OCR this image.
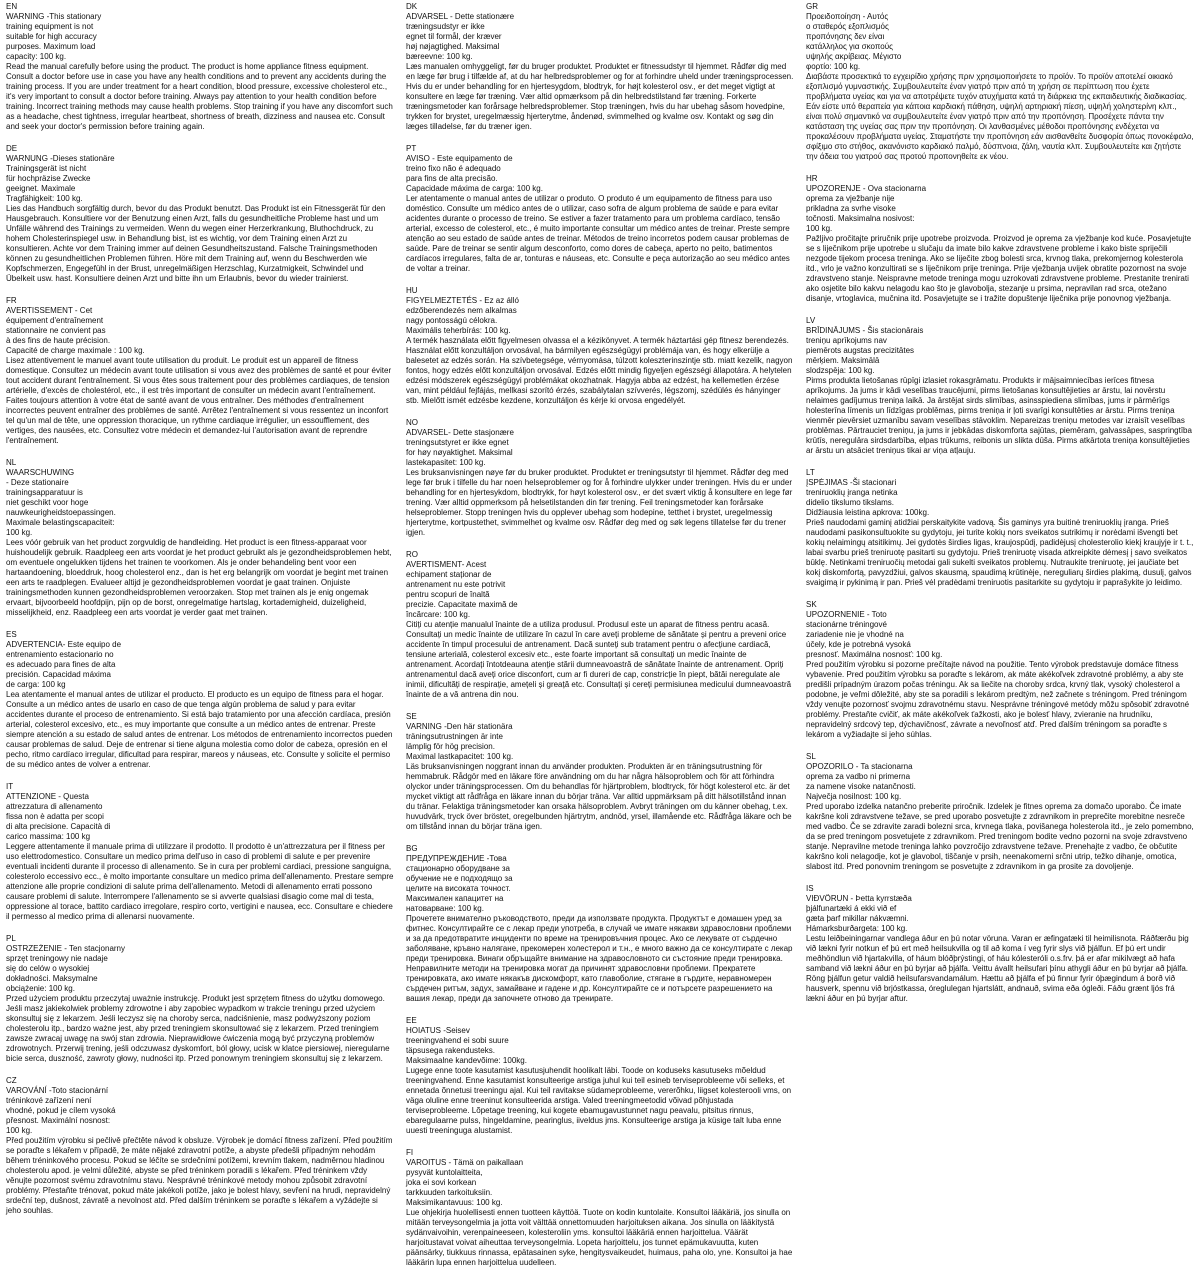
EN
WARNING -This stationary
training equipment is not
suitable for high accuracy
purposes. Maximum load
capacity: 100 kg.
Read the manual carefully before using the product. The product is home appliance fitness equipment. Consult a doctor before use in case you have any health conditions and to prevent any accidents during the training process. If you are under treatment for a heart condition, blood pressure, excessive cholesterol etc., it's very important to consult a doctor before training. Always pay attention to your health condition before training. Incorrect training methods may cause health problems. Stop training if you have any discomfort such as a headache, chest tightness, irregular heartbeat, shortness of breath, dizziness and nausea etc. Consult and seek your doctor's permission before training again.
DE
WARNUNG -Dieses stationäre
Trainingsgerät ist nicht
für hochpräzise Zwecke
geeignet. Maximale
Tragfähigkeit: 100 kg.
Lies das Handbuch sorgfältig durch, bevor du das Produkt benutzt. Das Produkt ist ein Fitnessgerät für den Hausgebrauch. Konsultiere vor der Benutzung einen Arzt, falls du gesundheitliche Probleme hast und um Unfälle während des Trainings zu vermeiden. Wenn du wegen einer Herzerkrankung, Bluthochdruck, zu hohem Cholesterinspiegel usw. in Behandlung bist, ist es wichtig, vor dem Training einen Arzt zu konsultieren. Achte vor dem Training immer auf deinen Gesundheitszustand. Falsche Trainingsmethoden können zu gesundheitlichen Problemen führen. Höre mit dem Training auf, wenn du Beschwerden wie Kopfschmerzen, Engegefühl in der Brust, unregelmäßigen Herzschlag, Kurzatmigkeit, Schwindel und Übelkeit usw. hast. Konsultiere deinen Arzt und bitte ihn um Erlaubnis, bevor du wieder trainierst.
FR
AVERTISSEMENT - Cet
équipement d'entraînement
stationnaire ne convient pas
à des fins de haute précision.
Capacité de charge maximale : 100 kg.
Lisez attentivement le manuel avant toute utilisation du produit. Le produit est un appareil de fitness domestique. Consultez un médecin avant toute utilisation si vous avez des problèmes de santé et pour éviter tout accident durant l'entraînement. Si vous êtes sous traitement pour des problèmes cardiaques, de tension artérielle, d'excès de cholestérol, etc., il est très important de consulter un médecin avant l'entraînement. Faites toujours attention à votre état de santé avant de vous entraîner. Des méthodes d'entraînement incorrectes peuvent entraîner des problèmes de santé. Arrêtez l'entraînement si vous ressentez un inconfort tel qu'un mal de tête, une oppression thoracique, un rythme cardiaque irrégulier, un essoufflement, des vertiges, des nausées, etc. Consultez votre médecin et demandez-lui l'autorisation avant de reprendre l'entraînement.
NL
WAARSCHUWING
- Deze stationaire
trainingsapparatuur is
niet geschikt voor hoge
nauwkeurigheidstoepassingen.
Maximale belastingscapaciteit:
100 kg.
Lees vóór gebruik van het product zorgvuldig de handleiding. Het product is een fitness-apparaat voor huishoudelijk gebruik. Raadpleeg een arts voordat je het product gebruikt als je gezondheidsproblemen hebt, om eventuele ongelukken tijdens het trainen te voorkomen. Als je onder behandeling bent voor een hartaandoening, bloeddruk, hoog cholesterol enz., dan is het erg belangrijk om voordat je begint met trainen een arts te raadplegen. Evalueer altijd je gezondheidsproblemen voordat je gaat trainen. Onjuiste trainingsmethoden kunnen gezondheidsproblemen veroorzaken. Stop met trainen als je enig ongemak ervaart, bijvoorbeeld hoofdpijn, pijn op de borst, onregelmatige hartslag, kortademigheid, duizeligheid, misselijkheid, enz. Raadpleeg een arts voordat je verder gaat met trainen.
ES
ADVERTENCIA- Este equipo de
entrenamiento estacionario no
es adecuado para fines de alta
precisión. Capacidad máxima
de carga: 100 kg
Lea atentamente el manual antes de utilizar el producto. El producto es un equipo de fitness para el hogar. Consulte a un médico antes de usarlo en caso de que tenga algún problema de salud y para evitar accidentes durante el proceso de entrenamiento. Si está bajo tratamiento por una afección cardíaca, presión arterial, colesterol excesivo, etc., es muy importante que consulte a un médico antes de entrenar. Preste siempre atención a su estado de salud antes de entrenar. Los métodos de entrenamiento incorrectos pueden causar problemas de salud. Deje de entrenar si tiene alguna molestia como dolor de cabeza, opresión en el pecho, ritmo cardíaco irregular, dificultad para respirar, mareos y náuseas, etc. Consulte y solicite el permiso de su médico antes de volver a entrenar.
IT
ATTENZIONE - Questa
attrezzatura di allenamento
fissa non è adatta per scopi
di alta precisione. Capacità di
carico massima: 100 kg
Leggere attentamente il manuale prima di utilizzare il prodotto. Il prodotto è un'attrezzatura per il fitness per uso elettrodomestico. Consultare un medico prima dell'uso in caso di problemi di salute e per prevenire eventuali incidenti durante il processo di allenamento. Se in cura per problemi cardiaci, pressione sanguigna, colesterolo eccessivo ecc., è molto importante consultare un medico prima dell'allenamento. Prestare sempre attenzione alle proprie condizioni di salute prima dell'allenamento. Metodi di allenamento errati possono causare problemi di salute. Interrompere l'allenamento se si avverte qualsiasi disagio come mal di testa, oppressione al torace, battito cardiaco irregolare, respiro corto, vertigini e nausea, ecc. Consultare e chiedere il permesso al medico prima di allenarsi nuovamente.
PL
OSTRZEŻENIE - Ten stacjonarny
sprzęt treningowy nie nadaje
się do celów o wysokiej
dokładności. Maksymalne
obciążenie: 100 kg.
Przed użyciem produktu przeczytaj uważnie instrukcję. Produkt jest sprzętem fitness do użytku domowego. Jeśli masz jakiekolwiek problemy zdrowotne i aby zapobiec wypadkom w trakcie treningu przed użyciem skonsultuj się z lekarzem. Jeśli leczysz się na choroby serca, nadciśnienie, masz podwyższony poziom cholesterolu itp., bardzo ważne jest, aby przed treningiem skonsultować się z lekarzem. Przed treningiem zawsze zwracaj uwagę na swój stan zdrowia. Nieprawidłowe ćwiczenia mogą być przyczyną problemów zdrowotnych. Przerwij trening, jeśli odczuwasz dyskomfort, ból głowy, ucisk w klatce piersiowej, nieregularne bicie serca, duszność, zawroty głowy, nudności itp. Przed ponownym treningiem skonsultuj się z lekarzem.
CZ
VAROVÁNÍ -Toto stacionární
tréninkové zařízení není
vhodné, pokud je cílem vysoká
přesnost. Maximální nosnost:
100 kg.
Před použitím výrobku si pečlivě přečtěte návod k obsluze. Výrobek je domácí fitness zařízení. Před použitím se poraďte s lékařem v případě, že máte nějaké zdravotní potíže, a abyste předešli případným nehodám během tréninkového procesu. Pokud se léčíte se srdečními potížemi, krevním tlakem, nadměrnou hladinou cholesterolu apod. je velmi důležité, abyste se před tréninkem poradili s lékařem. Před tréninkem vždy věnujte pozornost svému zdravotnímu stavu. Nesprávné tréninkové metody mohou způsobit zdravotní problémy. Přestaňte trénovat, pokud máte jakékoli potíže, jako je bolest hlavy, sevření na hrudi, nepravidelný srdeční tep, dušnost, závratě a nevolnost atd. Před dalším tréninkem se poraďte s lékařem a vyžádejte si jeho souhlas.
DK
ADVARSEL - Dette stationære
træningsudstyr er ikke
egnet til formål, der kræver
høj nøjagtighed. Maksimal
bæreevne: 100 kg.
Læs manualen omhyggeligt, før du bruger produktet. Produktet er fitnessudstyr til hjemmet. Rådfør dig med en læge før brug i tilfælde af, at du har helbredsproblemer og for at forhindre uheld under træningsprocessen. Hvis du er under behandling for en hjertesygdom, blodtryk, for højt kolesterol osv., er det meget vigtigt at konsultere en læge før træning. Vær altid opmærksom på din helbredstilstand før træning. Forkerte træningsmetoder kan forårsage helbredsproblemer. Stop træningen, hvis du har ubehag såsom hovedpine, trykken for brystet, uregelmæssig hjerterytme, åndenød, svimmelhed og kvalme osv. Kontakt og søg din læges tilladelse, før du træner igen.
PT
AVISO - Este equipamento de
treino fixo não é adequado
para fins de alta precisão.
Capacidade máxima de carga: 100 kg.
Ler atentamente o manual antes de utilizar o produto. O produto é um equipamento de fitness para uso doméstico. Consulte um médico antes de o utilizar, caso sofra de algum problema de saúde e para evitar acidentes durante o processo de treino. Se estiver a fazer tratamento para um problema cardíaco, tensão arterial, excesso de colesterol, etc., é muito importante consultar um médico antes de treinar. Preste sempre atenção ao seu estado de saúde antes de treinar. Métodos de treino incorretos podem causar problemas de saúde. Pare de treinar se sentir algum desconforto, como dores de cabeça, aperto no peito, batimentos cardíacos irregulares, falta de ar, tonturas e náuseas, etc. Consulte e peça autorização ao seu médico antes de voltar a treinar.
HU
FIGYELMEZTETÉS - Ez az álló
edzőberendezés nem alkalmas
nagy pontosságú célokra.
Maximális teherbírás: 100 kg.
A termék használata előtt figyelmesen olvassa el a kézikönyvet. A termék háztartási gép fitnesz berendezés. Használat előtt konzultáljon orvosával, ha bármilyen egészségügyi problémája van, és hogy elkerülje a balesetet az edzés során. Ha szívbetegsége, vérnyomása, túlzott koleszterinszintje stb. miatt kezelik, nagyon fontos, hogy edzés előtt konzultáljon orvosával. Edzés előtt mindig figyeljen egészségi állapotára. A helytelen edzési módszerek egészségügyi problémákat okozhatnak. Hagyja abba az edzést, ha kellemetlen érzése van, mint például fejfájás, mellkasi szorító érzés, szabálytalan szívverés, légszomj, szédülés és hányinger stb. Mielőtt ismét edzésbe kezdene, konzultáljon és kérje ki orvosa engedélyét.
NO
ADVARSEL- Dette stasjonære
treningsutstyret er ikke egnet
for høy nøyaktighet. Maksimal
lastekapasitet: 100 kg.
Les bruksanvisningen nøye før du bruker produktet. Produktet er treningsutstyr til hjemmet. Rådfør deg med lege før bruk i tilfelle du har noen helseproblemer og for å forhindre ulykker under treningen. Hvis du er under behandling for en hjertesykdom, blodtrykk, for høyt kolesterol osv., er det svært viktig å konsultere en lege før trening. Vær alltid oppmerksom på helsetilstanden din før trening. Feil treningsmetoder kan forårsake helseproblemer. Stopp treningen hvis du opplever ubehag som hodepine, tetthet i brystet, uregelmessig hjerterytme, kortpustethet, svimmelhet og kvalme osv. Rådfør deg med og søk legens tillatelse før du trener igjen.
RO
AVERTISMENT- Acest
echipament staționar de
antrenament nu este potrivit
pentru scopuri de înaltă
precizie. Capacitate maximă de
încărcare: 100 kg.
Citiți cu atenție manualul înainte de a utiliza produsul. Produsul este un aparat de fitness pentru acasă. Consultați un medic înainte de utilizare în cazul în care aveți probleme de sănătate și pentru a preveni orice accidente în timpul procesului de antrenament. Dacă sunteți sub tratament pentru o afecțiune cardiacă, tensiune arterială, colesterol excesiv etc., este foarte important să consultați un medic înainte de antrenament. Acordați întotdeauna atenție stării dumneavoastră de sănătate înainte de antrenament. Opriți antrenamentul dacă aveți orice disconfort, cum ar fi dureri de cap, constricție în piept, bătăi neregulate ale inimii, dificultăți de respirație, amețeli și greață etc. Consultați și cereți permisiunea medicului dumneavoastră înainte de a vă antrena din nou.
SE
VARNING -Den här stationära
träningsutrustningen är inte
lämplig för hög precision.
Maximal lastkapacitet: 100 kg.
Läs bruksanvisningen noggrant innan du använder produkten. Produkten är en träningsutrustning för hemmabruk. Rådgör med en läkare före användning om du har några hälsoproblem och för att förhindra olyckor under träningsprocessen. Om du behandlas för hjärtproblem, blodtryck, för högt kolesterol etc. är det mycket viktigt att rådfråga en läkare innan du börjar träna. Var alltid uppmärksam på ditt hälsotillstånd innan du tränar. Felaktiga träningsmetoder kan orsaka hälsoproblem. Avbryt träningen om du känner obehag, t.ex. huvudvärk, tryck över bröstet, oregelbunden hjärtrytm, andnöd, yrsel, illamående etc. Rådfråga läkare och be om tillstånd innan du börjar träna igen.
BG
ПРЕДУПРЕЖДЕНИЕ -Това
стационарно оборудване за
обучение не е подходящо за
целите на високата точност.
Максимален капацитет на
натоварване: 100 kg.
Прочетете внимателно ръководството, преди да използвате продукта. Продуктът е домашен уред за фитнес. Консултирайте се с лекар преди употреба, в случай че имате някакви здравословни проблеми и за да предотвратите инциденти по време на тренировъчния процес. Ако се лекувате от сърдечно заболяване, кръвно налягане, прекомерен холестерол и т.н., е много важно да се консултирате с лекар преди тренировка. Винаги обръщайте внимание на здравословното си състояние преди тренировка. Неправилните методи на тренировка могат да причинят здравословни проблеми. Прекратете тренировката, ако имате някакъв дискомфорт, като главоболие, стягане в гърдите, неравномерен сърдечен ритъм, задух, замайване и гадене и др. Консултирайте се и потърсете разрешението на вашия лекар, преди да започнете отново да тренирате.
EE
HOIATUS -Seisev
treeningvahend ei sobi suure
täpsusega rakendusteks.
Maksimaalne kandevõime: 100kg.
Lugege enne toote kasutamist kasutusjuhendit hoolikalt läbi. Toode on koduseks kasutuseks mõeldud treeningvahend. Enne kasutamist konsulteerige arstiga juhul kui teil esineb terviseprobleeme või selleks, et ennetada õnnetusi treeningu ajal. Kui teil ravitakse südameprobleeme, vererõhku, liigset kolesterooli vms, on väga oluline enne treeninut konsulteerida arstiga. Valed treeningmeetodid võivad põhjustada terviseprobleeme. Lõpetage treening, kui kogete ebamugavustunnet nagu peavalu, pitsitus rinnus, ebaregulaarne pulss, hingeldamine, pearinglus, iiveldus jms. Konsulteerige arstiga ja küsige talt luba enne uuesti treeninguga alustamist.
FI
VAROITUS - Tämä on paikallaan
pysyvät kuntolaitteita,
joka ei sovi korkean
tarkkuuden tarkoituksiin.
Maksimikantavuus: 100 kg.
Lue ohjekirja huolellisesti ennen tuotteen käyttöä. Tuote on kodin kuntolaite. Konsultoi lääkäriä, jos sinulla on mitään terveysongelmia ja jotta voit välttää onnettomuuden harjoituksen aikana. Jos sinulla on lääkitystä sydänvaivoihin, verenpaineeseen, kolesteroliin yms. konsultoi lääkäriä ennen harjoittelua. Väärät harjoitustavat voivat aiheuttaa terveysongelmia. Lopeta harjoittelu, jos tunnet epämukavuutta, kuten päänsärky, tiukkuus rinnassa, epätasainen syke, hengitysvaikeudet, huimaus, paha olo, yne. Konsultoi ja hae lääkärin lupa ennen harjoittelua uudelleen.
GR
Προειδοποίηση - Αυτός
ο σταθερός εξοπλισμός
προπόνησης δεν είναι
κατάλληλος για σκοπούς
υψηλής ακρίβειας. Μέγιστο
φορτίο: 100 kg.
Διαβάστε προσεκτικά το εγχειρίδιο χρήσης πριν χρησιμοποιήσετε το προϊόν. Το προϊόν αποτελεί οικιακό εξοπλισμό γυμναστικής. Συμβουλευτείτε έναν γιατρό πριν από τη χρήση σε περίπτωση που έχετε προβλήματα υγείας και για να αποτρέψετε τυχόν ατυχήματα κατά τη διάρκεια της εκπαιδευτικής διαδικασίας. Εάν είστε υπό θεραπεία για κάποια καρδιακή πάθηση, υψηλή αρτηριακή πίεση, υψηλή χοληστερίνη κλπ., είναι πολύ σημαντικό να συμβουλευτείτε έναν γιατρό πριν από την προπόνηση. Προσέχετε πάντα την κατάσταση της υγείας σας πριν την προπόνηση. Οι λανθασμένες μέθοδοι προπόνησης ενδέχεται να προκαλέσουν προβλήματα υγείας. Σταματήστε την προπόνηση εάν αισθανθείτε δυσφορία όπως πονοκέφαλο, σφίξιμο στο στήθος, ακανόνιστο καρδιακό παλμό, δύσπνοια, ζάλη, ναυτία κλπ. Συμβουλευτείτε και ζητήστε την άδεια του γιατρού σας προτού προπονηθείτε εκ νέου.
HR
UPOZORENJE - Ova stacionarna
oprema za vježbanje nije
prikladna za svrhe visoke
točnosti. Maksimalna nosivost:
100 kg.
Pažljivo pročitajte priručnik prije upotrebe proizvoda. Proizvod je oprema za vježbanje kod kuće. Posavjetujte se s liječnikom prije upotrebe u slučaju da imate bilo kakve zdravstvene probleme i kako biste spriječili nezgode tijekom procesa treninga. Ako se liječite zbog bolesti srca, krvnog tlaka, prekomjernog kolesterola itd., vrlo je važno konzultirati se s liječnikom prije treninga. Prije vježbanja uvijek obratite pozornost na svoje zdravstveno stanje. Neispravne metode treninga mogu uzrokovati zdravstvene probleme. Prestanite trenirati ako osjetite bilo kakvu nelagodu kao što je glavobolja, stezanje u prsima, nepravilan rad srca, otežano disanje, vrtoglavica, mučnina itd. Posavjetujte se i tražite dopuštenje liječnika prije ponovnog vježbanja.
LV
BRĪDINĀJUMS - Šis stacionārais
treniņu aprīkojums nav
piemērots augstas precizitātes
mērķiem. Maksimālā
slodzspēja: 100 kg.
Pirms produkta lietošanas rūpīgi izlasiet rokasgrāmatu. Produkts ir mājsaimniecības ierīces fitnesa aprīkojums. Ja jums ir kādi veselības traucējumi, pirms lietošanas konsultējieties ar ārstu, lai novērstu nelaimes gadījumus treniņa laikā. Ja ārstējat sirds slimības, asinsspiediena slimības, jums ir pārmērīgs holesterīna līmenis un līdzīgas problēmas, pirms treniņa ir ļoti svarīgi konsultēties ar ārstu. Pirms treniņa vienmēr pievērsiet uzmanību savam veselības stāvoklim. Nepareizas treniņu metodes var izraisīt veselības problēmas. Pārtrauciet treniņu, ja jums ir jebkādas diskomforta sajūtas, piemēram, galvassāpes, saspringtība krūtīs, neregulāra sirdsdarbība, elpas trūkums, reibonis un slikta dūša. Pirms atkārtota treniņa konsultējieties ar ārstu un atsāciet treniņus tikai ar viņa atļauju.
LT
ĮSPĖJIMAS -Ši stacionari
treniruoklių įranga netinka
didelio tikslumo tikslams.
Didžiausia leistina apkrova: 100kg.
Prieš naudodami gaminį atidžiai perskaitykite vadovą. Šis gaminys yra buitinė treniruoklių įranga. Prieš naudodami pasikonsultuokite su gydytoju, jei turite kokių nors sveikatos sutrikimų ir norėdami išvengti bet kokių nelaimingų atsitikimų. Jei gydotės širdies ligas, kraujospūdį, padidėjusį cholesterolio kiekį kraujyje ir t. t., labai svarbu prieš treniruotę pasitarti su gydytoju. Prieš treniruotę visada atkreipkite dėmesį į savo sveikatos būklę. Netinkami treniruočių metodai gali sukelti sveikatos problemų. Nutraukite treniruotę, jei jaučiate bet kokį diskomfortą, pavyzdžiui, galvos skausmą, spaudimą krūtinėje, nereguliarų širdies plakimą, dusulį, galvos svaigimą ir pykinimą ir pan. Prieš vėl pradėdami treniruotis pasitarkite su gydytoju ir paprašykite jo leidimo.
SK
UPOZORNENIE - Toto
stacionárne tréningové
zariadenie nie je vhodné na
účely, kde je potrebná vysoká
presnosť. Maximálna nosnosť: 100 kg.
Pred použitím výrobku si pozorne prečítajte návod na použitie. Tento výrobok predstavuje domáce fitness vybavenie. Pred použitím výrobku sa poraďte s lekárom, ak máte akékoľvek zdravotné problémy, a aby ste predišli prípadným úrazom počas tréningu. Ak sa liečite na choroby srdca, krvný tlak, vysoký cholesterol a podobne, je veľmi dôležité, aby ste sa poradili s lekárom predtým, než začnete s tréningom. Pred tréningom vždy venujte pozornosť svojmu zdravotnému stavu. Nesprávne tréningové metódy môžu spôsobiť zdravotné problémy. Prestaňte cvičiť, ak máte akékoľvek ťažkosti, ako je bolesť hlavy, zvieranie na hrudníku, nepravidelný srdcový tep, dýchavičnosť, závrate a nevoľnosť atď. Pred ďalším tréningom sa poraďte s lekárom a vyžiadajte si jeho súhlas.
SL
OPOZORILO - Ta stacionarna
oprema za vadbo ni primerna
za namene visoke natančnosti.
Največja nosilnost: 100 kg.
Pred uporabo izdelka natančno preberite priročnik. Izdelek je fitnes oprema za domačo uporabo. Če imate kakršne koli zdravstvene težave, se pred uporabo posvetujte z zdravnikom in preprečite morebitne nesreče med vadbo. Če se zdravite zaradi bolezni srca, krvnega tlaka, povišanega holesterola itd., je zelo pomembno, da se pred treningom posvetujete z zdravnikom. Pred treningom bodite vedno pozorni na svoje zdravstveno stanje. Nepravilne metode treninga lahko povzročijo zdravstvene težave. Prenehajte z vadbo, če občutite kakršno koli nelagodje, kot je glavobol, tiščanje v prsih, neenakomerni srčni utrip, težko dihanje, omotica, slabost itd. Pred ponovnim treningom se posvetujte z zdravnikom in ga prosite za dovoljenje.
IS
VIÐVÖRUN - Þetta kyrrstæða
þjálfunartæki á ekki við ef
gæta þarf mikillar nákvæmni.
Hámarksburðargeta: 100 kg.
Lestu leiðbeiningarnar vandlega áður en þú notar vöruna. Varan er æfingatæki til heimilisnota. Ráðfærðu þig við lækni fyrir notkun ef þú ert með heilsukvilla og til að koma í veg fyrir slys við þjálfun. Ef þú ert undir meðhöndlun við hjartakvilla, of háum blóðþrýstingi, of háu kólesteróli o.s.frv. þá er afar mikilvægt að hafa samband við lækni áður en þú byrjar að þjálfa. Veittu ávallt heilsufari þínu athygli áður en þú byrjar að þjálfa. Röng þjálfun getur valdið heilsufarsvandamálum. Hættu að þjálfa ef þú finnur fyrir óþægindum á borð við hausverk, spennu við brjóstkassa, óreglulegan hjartslátt, andnauð, svima eða ógleði. Fáðu grænt ljós frá lækni áður en þú byrjar aftur.
